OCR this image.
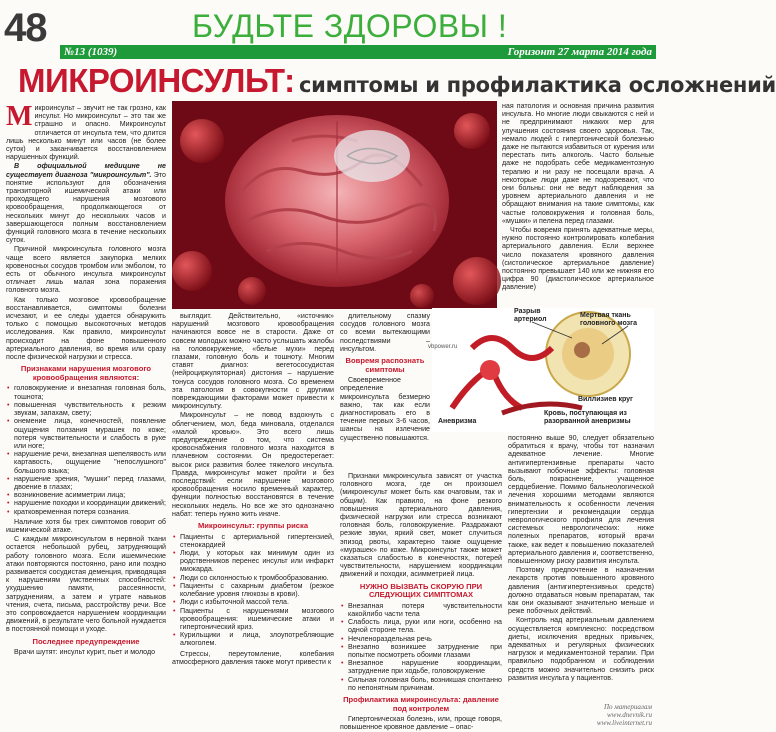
48	БУДЬТЕ ЗДОРОВЫ !
№13 (1039)	Горизонт 27 марта 2014 года
МИКРОИНСУЛЬТ: симптомы и профилактика осложнений

Микроинсульт – звучит не так грозно, как инсульт. Но микроинсульт – это так же страшно и опасно. Микроинсульт отличается от инсульта тем, что длится лишь несколько минут или часов (не более суток) и заканчивается восстановлением нарушенных функций.

В официальной медицине не существует диагноза "микроинсульт". Это понятие используют для обозначения транзиторной ишемической атаки или проходящего нарушения мозгового кровообращения, продолжающегося от нескольких минут до нескольких часов и завершающегося полным восстановлением функций головного мозга в течение нескольких суток.

Причиной микроинсульта головного мозга чаще всего является закупорка мелких кровеносных сосудов тромбом или эмболом, то есть от обычного инсульта микроинсульт отличает лишь малая зона поражения головного мозга.

Как только мозговое кровообращение восстанавливается, симптомы болезни исчезают, и ее следы удается обнаружить только с помощью высокоточных методов исследования. Как правило, микроинсульт происходит на фоне повышенного артериального давления, во время или сразу после физической нагрузки и стресса.

Признаками нарушения мозгового кровообращения являются:
• головокружение и внезапная головная боль, тошнота;
• повышенная чувствительность к резким звукам, запахам, свету;
• онемение лица, конечностей, появление ощущения ползания мурашек по коже; потеря чувствительности и слабость в руке или ноге;
• нарушение речи, внезапная шепелявость или картавость, ощущение "непослушного" большого языка;
• нарушение зрения, "мушки" перед глазами, двоение в глазах;
• возникновение асимметрии лица;
• нарушение походки и координации движений;
• кратковременная потеря сознания.

Наличие хотя бы трех симптомов говорит об ишемической атаке.

С каждым микроинсультом в нервной ткани остается небольшой рубец, затрудняющий работу головного мозга. Если ишемические атаки повторяются постоянно, рано или поздно развивается сосудистая деменция, приводящая к нарушениям умственных способностей: ухудшению памяти, рассеянности, затруднениям, а затем и утрате навыков чтения, счета, письма, расстройству речи. Все это сопровождается нарушением координации движений, в результате чего больной нуждается в постоянной помощи и уходе.

Последнее предупреждение

Врачи шутят: инсульт курит, пьет и молодо

выглядит. Действительно, «источник» нарушений мозгового кровообращения начинаются вовсе не в старости. Даже от совсем молодых можно часто услышать жалобы на головокружение, «белые мухи» перед глазами, головную боль и тошноту. Многим ставят диагноз: вегетососудистая (нейроциркуляторная) дистония – нарушение тонуса сосудов головного мозга. Со временем эта патология в совокупности с другими повреждающими факторами может привести к микроинсульту.

Микроинсульт – не повод вздохнуть с облегчением, мол, беда миновала, отделался «малой кровью». Это всего лишь предупреждение о том, что система кровоснабжения головного мозга находится в плачевном состоянии. Он предостерегает: высок риск развития более тяжелого инсульта. Правда, микроинсульт может пройти и без последствий: если нарушение мозгового кровообращения носило временный характер, функции полностью восстановятся в течение нескольких недель. Но все же это однозначно набат: теперь нужно жить иначе.

Микроинсульт: группы риска
• Пациенты с артериальной гипертензией, стенокардией
• Люди, у которых как минимум один из родственников перенес инсульт или инфаркт миокарда.
• Люди со склонностью к тромбообразованию.
• Пациенты с сахарным диабетом (резкое колебание уровня глюкозы в крови).
• Люди с избыточной массой тела.
• Пациенты с нарушениями мозгового кровообращения: ишемические атаки и гипертонический криз.
• Курильщики и лица, злоупотребляющие алкоголем.

Стрессы, переутомление, колебания атмосферного давления также могут привести к

длительному спазму сосудов головного мозга со всеми вытекающими последствиями – инсультом.

Вовремя распознать симптомы

Своевременное определение микроинсульта безмерно важно, так как если диагностировать его в течение первых 3-6 часов, шансы на излечение существенно повышаются.

Признаки микроинсульта зависят от участка головного мозга, где он произошел (микроинсульт может быть как очаговым, так и общим). Как правило, на фоне резкого повышения артериального давления, физической нагрузки или стресса возникают головная боль, головокружение. Раздражают резкие звуки, яркий свет, может случиться эпизод рвоты, характерно также ощущение «мурашек» по коже. Микроинсульт также может сказаться слабостью в конечностях, потерей чувствительности, нарушением координации движений и походки, асимметрией лица.

НУЖНО ВЫЗВАТЬ СКОРУЮ ПРИ СЛЕДУЮЩИХ СИМПТОМАХ
• Внезапная потеря чувствительности какойлибо части тела
• Слабость лица, руки или ноги, особенно на одной стороне тела.
• Нечленораздельная речь
• Внезапно возникшее затруднение при попытке посмотреть обоими глазами
• Внезапное нарушение координации, затруднение при ходьбе, головокружение
• Сильная головная боль, возникшая спонтанно по непонятным причинам.
Профилактика микроинсульта: давление под контролем

Гипертоническая болезнь, или, проще говоря, повышенное кровяное давление – опас-

ная патология и основная причина развития инсульта. Но многие люди свыкаются с ней и не предпринимают никаких мер для улучшения состояния своего здоровья. Так, немало людей с гипертонической болезнью даже не пытаются избавиться от курения или перестать пить алкоголь. Часто больные даже не подобрать себе медикаментозную терапию и ни разу не посещали врача. А некоторые люди даже не подозревают, что они больны: они не ведут наблюдения за уровнем артериального давления и не обращают внимания на такие симптомы, как частые головокружения и головная боль, «мушки» и пелена перед глазами.

Чтобы вовремя принять адекватные меры, нужно постоянно контролировать колебания артериального давления. Если верхнее число показателя кровяного давления (систолическое артериальное давление) постоянно превышает 140 или же нижняя его цифра 90 (диастолическое артериальное давление)

Разрыв артериол
Мертвая ткань головного мозга
Аневризма
Виллизиев круг
Кровь, поступающая из разорванной аневризмы
vbpower.ru

постоянно выше 90, следует обязательно обратиться к врачу, чтобы тот назначил адекватное лечение. Многие антигипертензивные препараты часто вызывают побочные эффекты: головная боль, покраснение, учащенное сердцебиение. Помимо бальнеологической лечения хорошими методами являются внимательность к особенности лечения гипертензии и рекомендации сердца неврологического профиля для лечения системных неврологических: ниже полезных препаратов, который врачи также, как ведет к повышению показателей артериального давления и, соответственно, повышенному риску развития инсульта.

Поэтому предпочтение в назначении лекарств против повышенного кровяного давления (антигипертензивных средств) должно отдаваться новым препаратам, так как они оказывают значительно меньше и реже побочных действий.

Контроль над артериальным давлением осуществляется комплексно: посредством диеты, исключения вредных привычек, адекватных и регулярных физических нагрузок и медикаментозной терапии. При правильно подобранном и соблюдении средств можно значительно снизить риск развития инсульта у пациентов.

По материалам
www.dnevnik.ru
www.liveinternet.ru
